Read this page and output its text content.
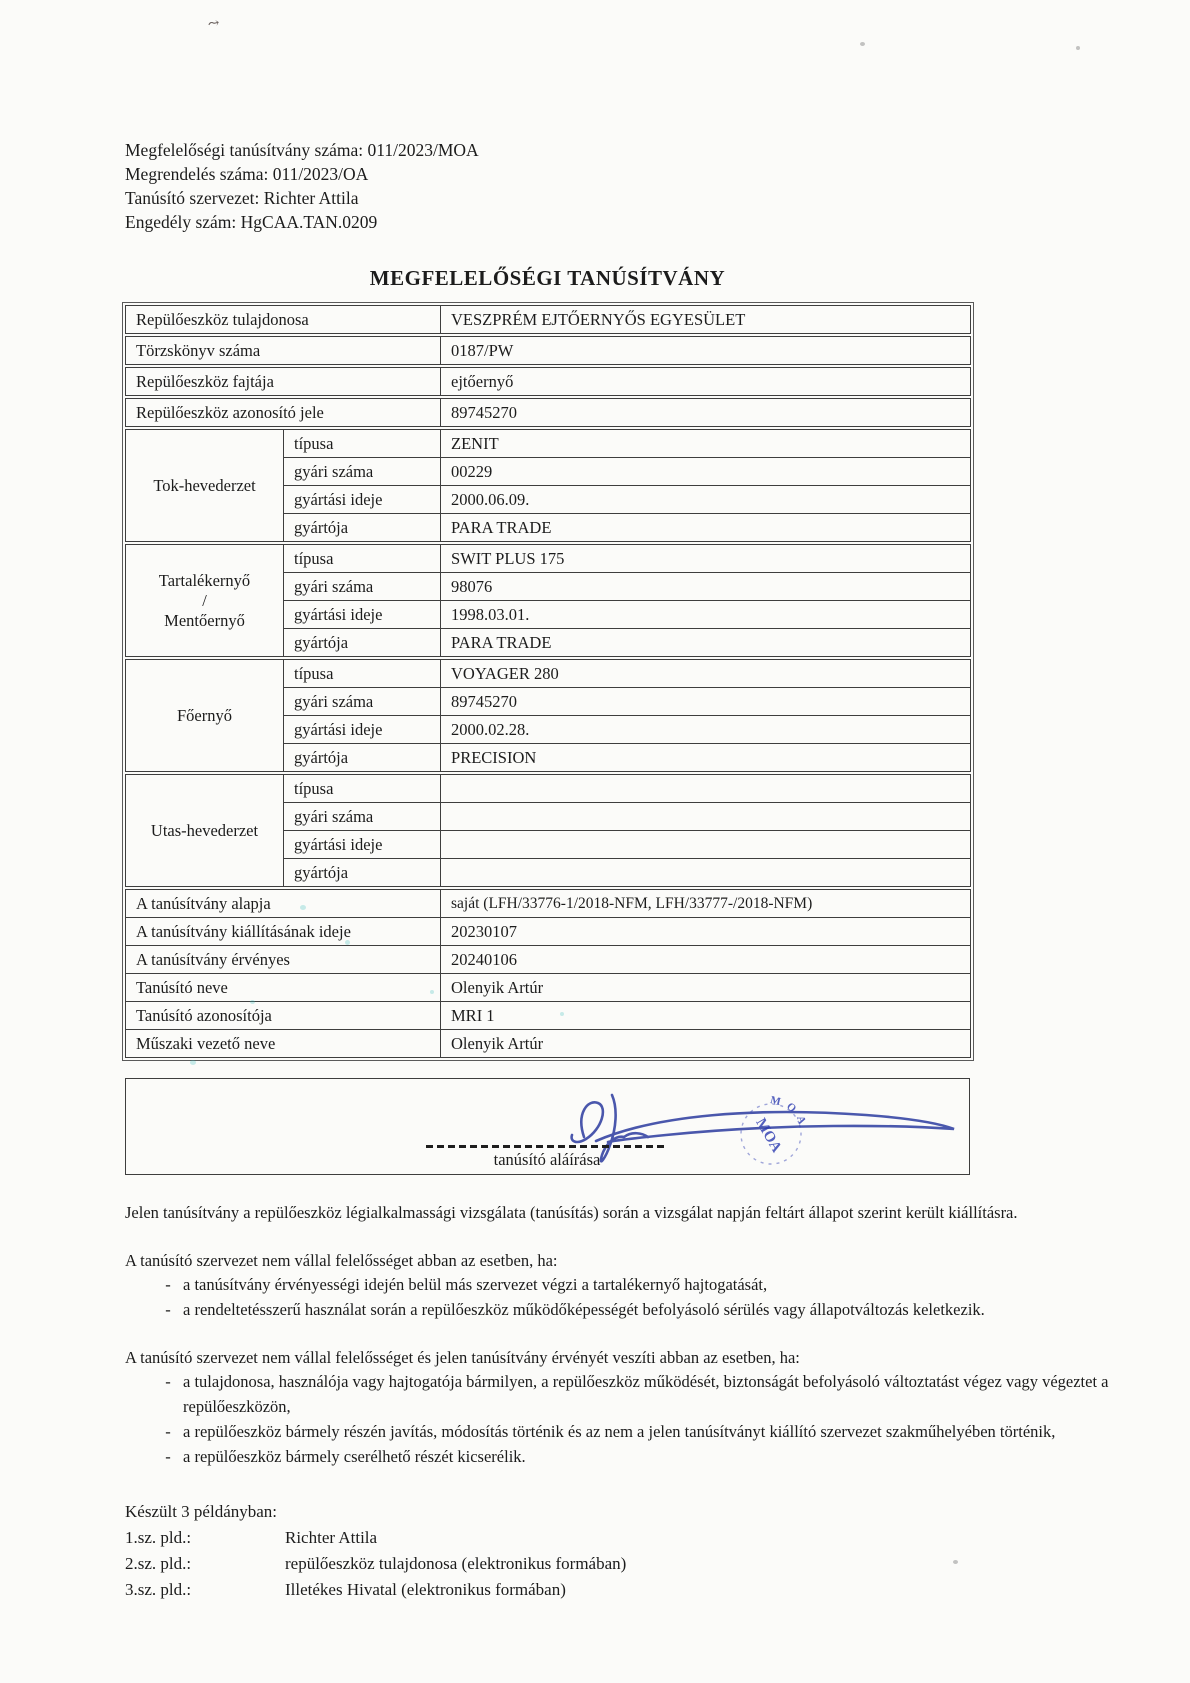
⤳
Megfelelőségi tanúsítvány száma: 011/2023/MOA
Megrendelés száma: 011/2023/OA
Tanúsító szervezet: Richter Attila
Engedély szám: HgCAA.TAN.0209
MEGFELELŐSÉGI TANÚSÍTVÁNY
Repülőeszköz tulajdonosa		VESZPRÉM EJTŐERNYŐS EGYESÜLET
Törzskönyv száma		0187/PW
Repülőeszköz fajtája		ejtőernyő
Repülőeszköz azonosító jele		89745270

Tok-hevederzet	típusa	ZENIT
	gyári száma	00229
	gyártási ideje	2000.06.09.
	gyártója	PARA TRADE

Tartalékernyő
/
Mentőernyő	típusa	SWIT PLUS 175
	gyári száma	98076
	gyártási ideje	1998.03.01.
	gyártója	PARA TRADE

Főernyő	típusa	VOYAGER 280
	gyári száma	89745270
	gyártási ideje	2000.02.28.
	gyártója	PRECISION

Utas-hevederzet	típusa	
	gyári száma	
	gyártási ideje	
	gyártója	
A tanúsítvány alapja		saját (LFH/33776-1/2018-NFM, LFH/33777-/2018-NFM)
A tanúsítvány kiállításának ideje		20230107
A tanúsítvány érvényes		20240106
Tanúsító neve		Olenyik Artúr
Tanúsító azonosítója		MRI 1
Műszaki vezető neve		Olenyik Artúr
tanúsító aláírása
MOA
MOA
Jelen tanúsítvány a repülőeszköz légialkalmassági vizsgálata (tanúsítás) során a vizsgálat napján feltárt állapot szerint került kiállításra.
A tanúsító szervezet nem vállal felelősséget abban az esetben, ha:
- a tanúsítvány érvényességi idején belül más szervezet végzi a tartalékernyő hajtogatását,
- a rendeltetésszerű használat során a repülőeszköz működőképességét befolyásoló sérülés vagy állapotváltozás keletkezik.
A tanúsító szervezet nem vállal felelősséget és jelen tanúsítvány érvényét veszíti abban az esetben, ha:
- a tulajdonosa, használója vagy hajtogatója bármilyen, a repülőeszköz működését, biztonságát befolyásoló változtatást végez vagy végeztet a repülőeszközön,
- a repülőeszköz bármely részén javítás, módosítás történik és az nem a jelen tanúsítványt kiállító szervezet szakműhelyében történik,
- a repülőeszköz bármely cserélhető részét kicserélik.
Készült 3 példányban:
1.sz. pld.:	Richter Attila
2.sz. pld.:	repülőeszköz tulajdonosa (elektronikus formában)
3.sz. pld.:	Illetékes Hivatal (elektronikus formában)
